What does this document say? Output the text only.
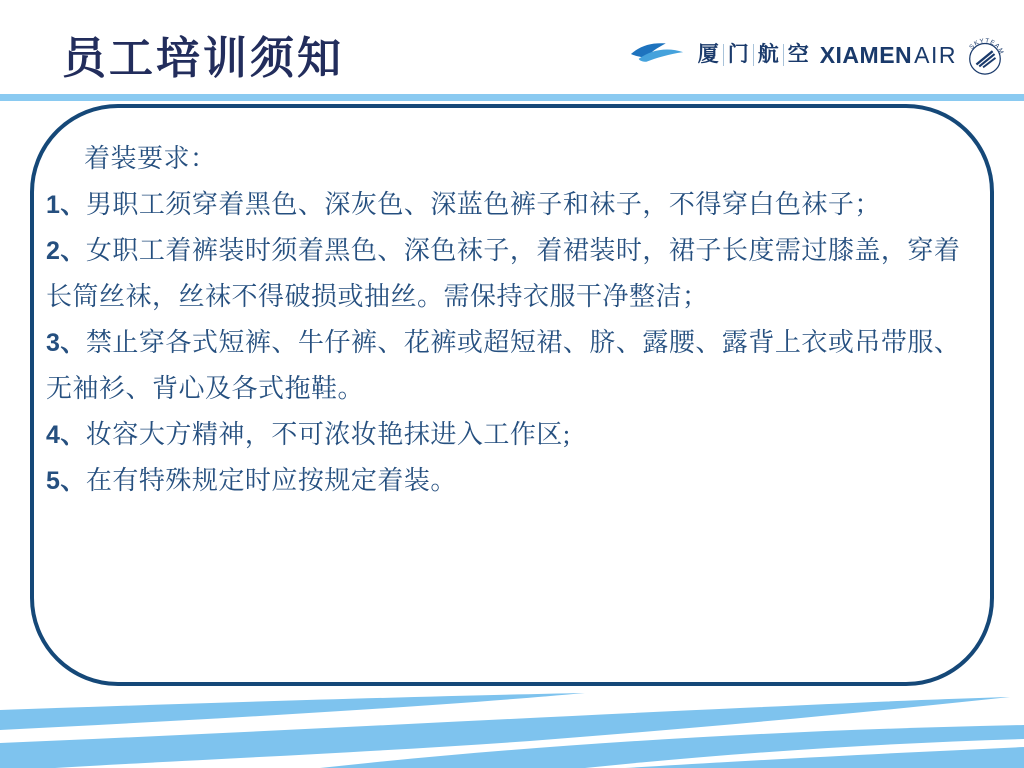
员工培训须知	厦 门 航 空 XIAMEN AIR SKYTEAM

着装要求：

1、男职工须穿着黑色、深灰色、深蓝色裤子和袜子，不得穿白色袜子；

2、女职工着裤装时须着黑色、深色袜子，着裙装时，裙子长度需过膝盖，穿着长筒丝袜，丝袜不得破损或抽丝。需保持衣服干净整洁；

3、禁止穿各式短裤、牛仔裤、花裤或超短裙、脐、露腰、露背上衣或吊带服、无袖衫、背心及各式拖鞋。

4、妆容大方精神，不可浓妆艳抹进入工作区;

5、在有特殊规定时应按规定着装。
